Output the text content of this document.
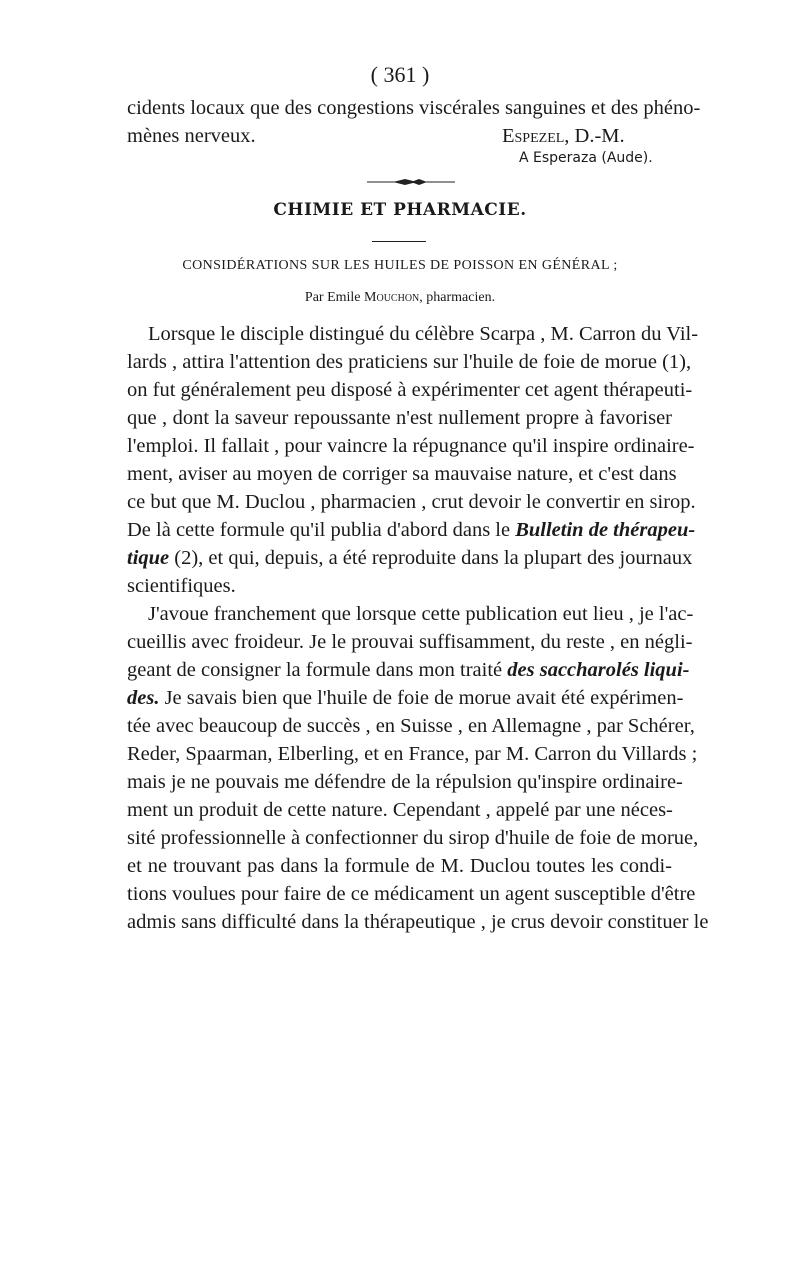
( 361 )
cidents locaux que des congestions viscérales sanguines et des phéno-
mènes nerveux.	Espezel, D.-M.
A Esperaza (Aude).
CHIMIE ET PHARMACIE.
CONSIDÉRATIONS SUR LES HUILES DE POISSON EN GÉNÉRAL ;
Par Emile Mouchon, pharmacien.
Lorsque le disciple distingué du célèbre Scarpa , M. Carron du Vil-
lards , attira l'attention des praticiens sur l'huile de foie de morue (1),
on fut généralement peu disposé à expérimenter cet agent thérapeuti-
que , dont la saveur repoussante n'est nullement propre à favoriser
l'emploi. Il fallait , pour vaincre la répugnance qu'il inspire ordinaire-
ment, aviser au moyen de corriger sa mauvaise nature, et c'est dans
ce but que M. Duclou , pharmacien , crut devoir le convertir en sirop.
De là cette formule qu'il publia d'abord dans le Bulletin de thérapeu-
tique (2), et qui, depuis, a été reproduite dans la plupart des journaux
scientifiques.
J'avoue franchement que lorsque cette publication eut lieu , je l'ac-
cueillis avec froideur. Je le prouvai suffisamment, du reste , en négli-
geant de consigner la formule dans mon traité des saccharolés liqui-
des. Je savais bien que l'huile de foie de morue avait été expérimen-
tée avec beaucoup de succès , en Suisse , en Allemagne , par Schérer,
Reder, Spaarman, Elberling, et en France, par M. Carron du Villards ;
mais je ne pouvais me défendre de la répulsion qu'inspire ordinaire-
ment un produit de cette nature. Cependant , appelé par une néces-
sité professionnelle à confectionner du sirop d'huile de foie de morue,
et ne trouvant pas dans la formule de M. Duclou toutes les condi-
tions voulues pour faire de ce médicament un agent susceptible d'être
admis sans difficulté dans la thérapeutique , je crus devoir constituer le
